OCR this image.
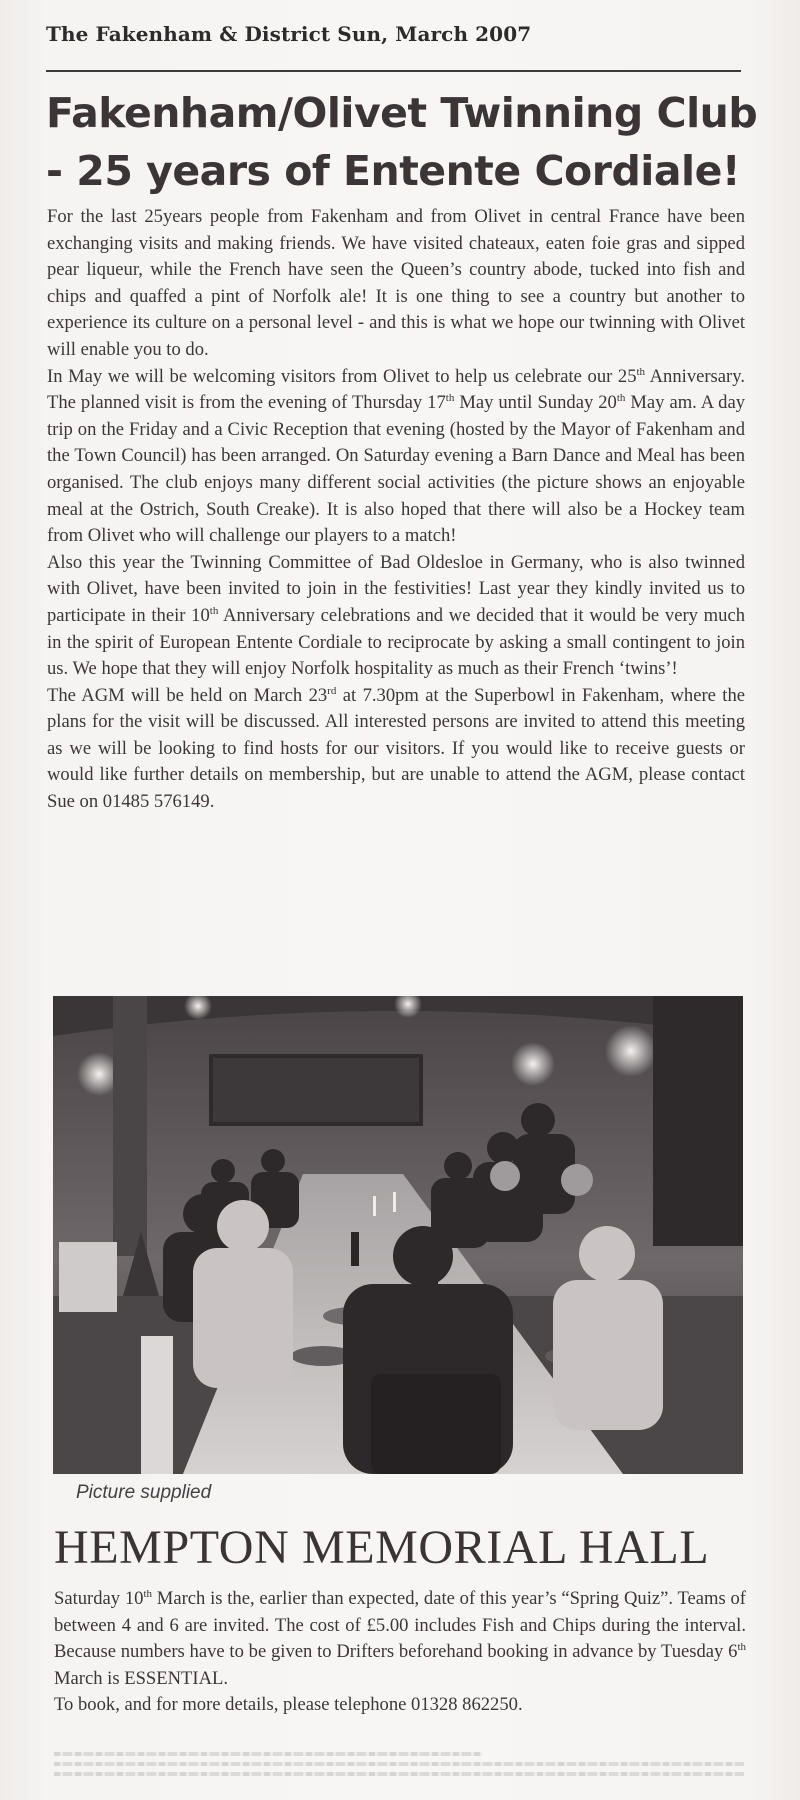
The Fakenham & District Sun, March 2007
Fakenham/Olivet Twinning Club
- 25 years of Entente Cordiale!

For the last 25years people from Fakenham and from Olivet in central France have been exchanging visits and making friends. We have visited chateaux, eaten foie gras and sipped pear liqueur, while the French have seen the Queen’s country abode, tucked into fish and chips and quaffed a pint of Norfolk ale! It is one thing to see a country but another to experience its culture on a personal level - and this is what we hope our twinning with Olivet will enable you to do.

In May we will be welcoming visitors from Olivet to help us celebrate our 25th Anniversary. The planned visit is from the evening of Thursday 17th May until Sunday 20th May am. A day trip on the Friday and a Civic Reception that evening (hosted by the Mayor of Fakenham and the Town Council) has been arranged. On Saturday evening a Barn Dance and Meal has been organised. The club enjoys many different social activities (the picture shows an enjoyable meal at the Ostrich, South Creake). It is also hoped that there will also be a Hockey team from Olivet who will challenge our players to a match!

Also this year the Twinning Committee of Bad Oldesloe in Germany, who is also twinned with Olivet, have been invited to join in the festivities! Last year they kindly invited us to participate in their 10th Anniversary celebrations and we decided that it would be very much in the spirit of European Entente Cordiale to reciprocate by asking a small contingent to join us. We hope that they will enjoy Norfolk hospitality as much as their French ‘twins’!

The AGM will be held on March 23rd at 7.30pm at the Superbowl in Fakenham, where the plans for the visit will be discussed. All interested persons are invited to attend this meeting as we will be looking to find hosts for our visitors. If you would like to receive guests or would like further details on membership, but are unable to attend the AGM, please contact Sue on 01485 576149.

Picture supplied
HEMPTON MEMORIAL HALL

Saturday 10th March is the, earlier than expected, date of this year’s “Spring Quiz”. Teams of between 4 and 6 are invited. The cost of £5.00 includes Fish and Chips during the interval. Because numbers have to be given to Drifters beforehand booking in advance by Tuesday 6th March is ESSENTIAL.

To book, and for more details, please telephone 01328 862250.
